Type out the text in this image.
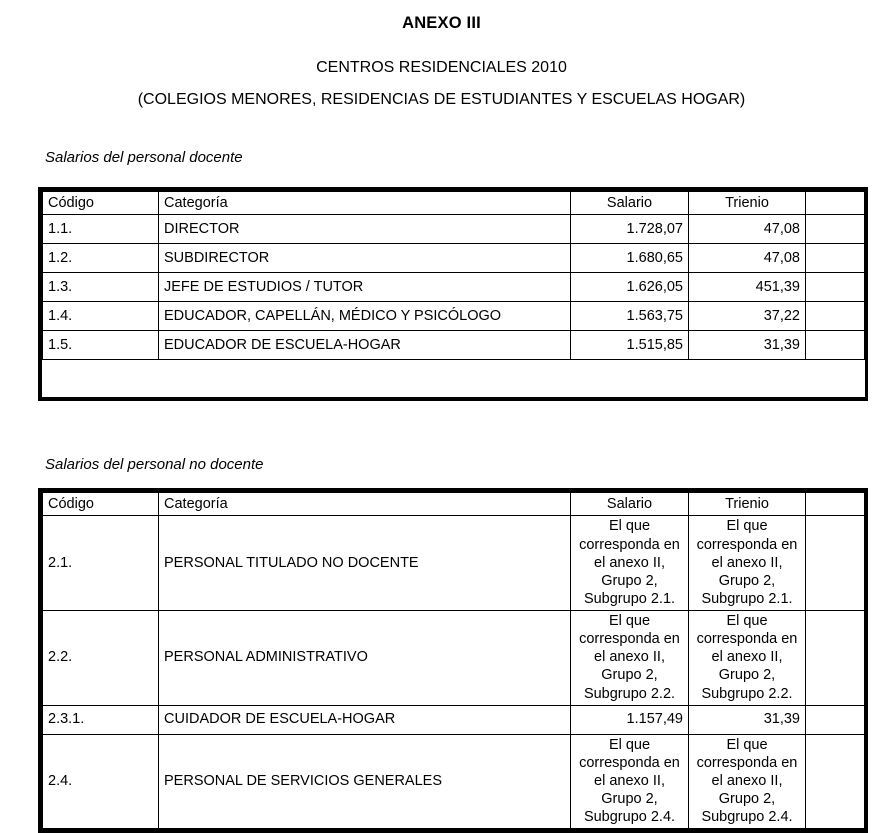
ANEXO III

CENTROS RESIDENCIALES 2010

(COLEGIOS MENORES, RESIDENCIAS DE ESTUDIANTES Y ESCUELAS HOGAR)

Salarios del personal docente

Código	Categoría	Salario	Trienio	
1.1.	DIRECTOR	1.728,07	47,08	
1.2.	SUBDIRECTOR	1.680,65	47,08	
1.3.	JEFE DE ESTUDIOS / TUTOR	1.626,05	451,39	
1.4.	EDUCADOR, CAPELLÁN, MÉDICO Y PSICÓLOGO	1.563,75	37,22	
1.5.	EDUCADOR DE ESCUELA-HOGAR	1.515,85	31,39	

Salarios del personal no docente

Código	Categoría	Salario	Trienio	
2.1.	PERSONAL TITULADO NO DOCENTE	El que corresponda en el anexo II, Grupo 2, Subgrupo 2.1.	El que corresponda en el anexo II, Grupo 2, Subgrupo 2.1.	
2.2.	PERSONAL ADMINISTRATIVO	El que corresponda en el anexo II, Grupo 2, Subgrupo 2.2.	El que corresponda en el anexo II, Grupo 2, Subgrupo 2.2.	
2.3.1.	CUIDADOR DE ESCUELA-HOGAR	1.157,49	31,39	
2.4.	PERSONAL DE SERVICIOS GENERALES	El que corresponda en el anexo II, Grupo 2, Subgrupo 2.4.	El que corresponda en el anexo II, Grupo 2, Subgrupo 2.4.	
